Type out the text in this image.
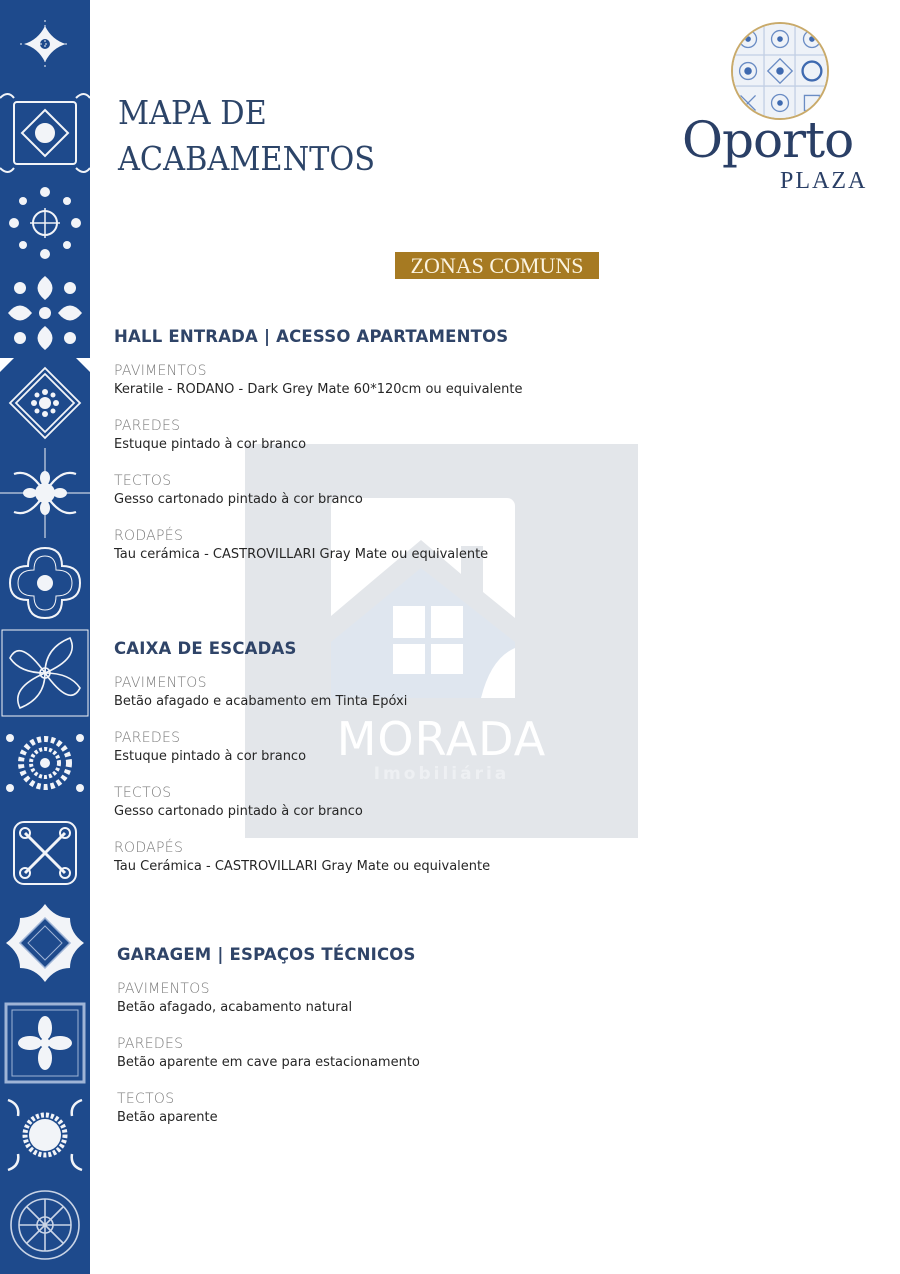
MORADA
Imobiliária
MAPA DE
ACABAMENTOS	Oporto
PLAZA
ZONAS COMUNS
HALL ENTRADA | ACESSO APARTAMENTOS
PAVIMENTOS
Keratile - RODANO - Dark Grey Mate 60*120cm ou equivalente
PAREDES
Estuque pintado à cor branco
TECTOS
Gesso cartonado pintado à cor branco
RODAPÉS
Tau cerámica - CASTROVILLARI Gray Mate ou equivalente
CAIXA DE ESCADAS
PAVIMENTOS
Betão afagado e acabamento em Tinta Epóxi
PAREDES
Estuque pintado à cor branco
TECTOS
Gesso cartonado pintado à cor branco
RODAPÉS
Tau Cerámica - CASTROVILLARI Gray Mate ou equivalente
GARAGEM | ESPAÇOS TÉCNICOS
PAVIMENTOS
Betão afagado, acabamento natural
PAREDES
Betão aparente em cave para estacionamento
TECTOS
Betão aparente
